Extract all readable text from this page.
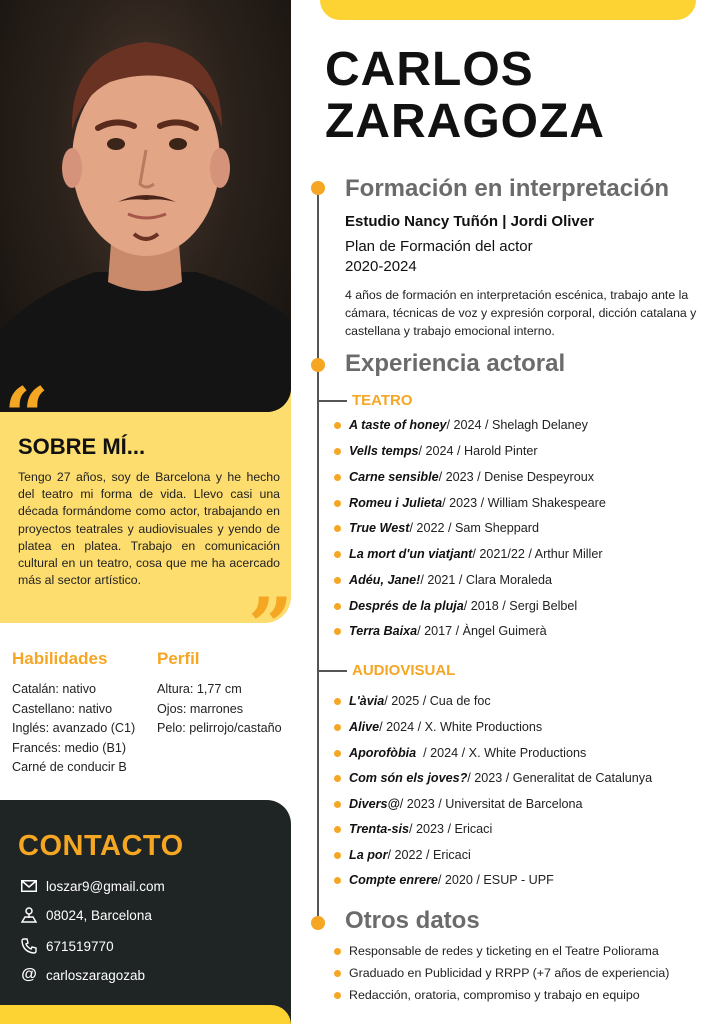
“
SOBRE MÍ...

Tengo 27 años, soy de Barcelona y he hecho del teatro mi forma de vida. Llevo casi una década formándome como actor, trabajando en proyectos teatrales y audiovisuales y yendo de platea en platea. Trabajo en comunicación cultural en un teatro, cosa que me ha acercado más al sector artístico.

”
Habilidades
Catalán: nativo
Castellano: nativo
Inglés: avanzado (C1)
Francés: medio (B1)
Carné de conducir B
Perfil
Altura: 1,77 cm
Ojos: marrones
Pelo: pelirrojo/castaño
CONTACTO
loszar9@gmail.com
08024, Barcelona
671519770
@ carloszaragozab
CARLOS
ZARAGOZA
Formación en interpretación
Estudio Nancy Tuñón | Jordi Oliver
Plan de Formación del actor
2020-2024

4 años de formación en interpretación escénica, trabajo ante la cámara, técnicas de voz y expresión corporal, dicción catalana y castellana y trabajo emocional interno.

Experiencia actoral
TEATRO
A taste of honey / 2024 / Shelagh Delaney
Vells temps / 2024 / Harold Pinter
Carne sensible / 2023 / Denise Despeyroux
Romeu i Julieta / 2023 / William Shakespeare
True West / 2022 / Sam Sheppard
La mort d'un viatjant / 2021/22 / Arthur Miller
Adéu, Jane! / 2021 / Clara Moraleda
Després de la pluja / 2018 / Sergi Belbel
Terra Baixa / 2017 / Àngel Guimerà
AUDIOVISUAL
L'àvia / 2025 / Cua de foc
Alive / 2024 / X. White Productions
Aporofòbia / 2024 / X. White Productions
Com són els joves? / 2023 / Generalitat de Catalunya
Divers@ / 2023 / Universitat de Barcelona
Trenta-sis / 2023 / Ericaci
La por / 2022 / Ericaci
Compte enrere / 2020 / ESUP - UPF
Otros datos
Responsable de redes y ticketing en el Teatre Poliorama
Graduado en Publicidad y RRPP (+7 años de experiencia)
Redacción, oratoria, compromiso y trabajo en equipo
